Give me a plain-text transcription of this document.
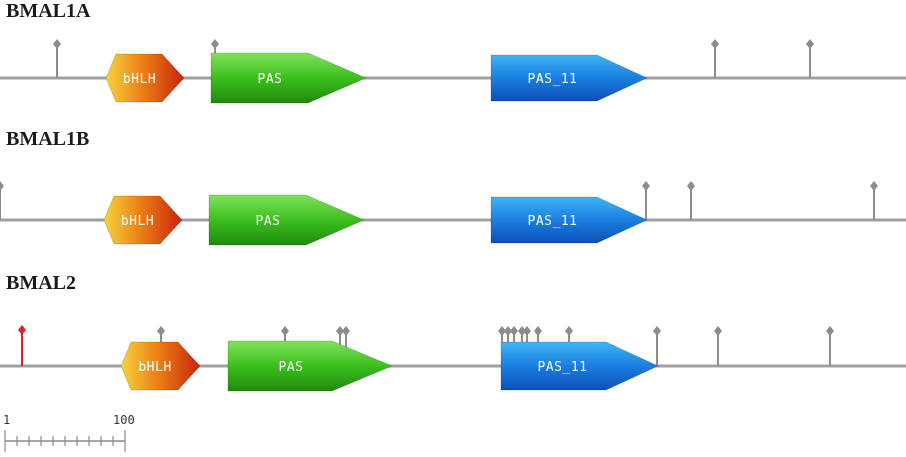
BMAL1A
bHLH	PAS	PAS_11
BMAL1B
bHLH	PAS	PAS_11
BMAL2
bHLH	PAS	PAS_11
1	100
